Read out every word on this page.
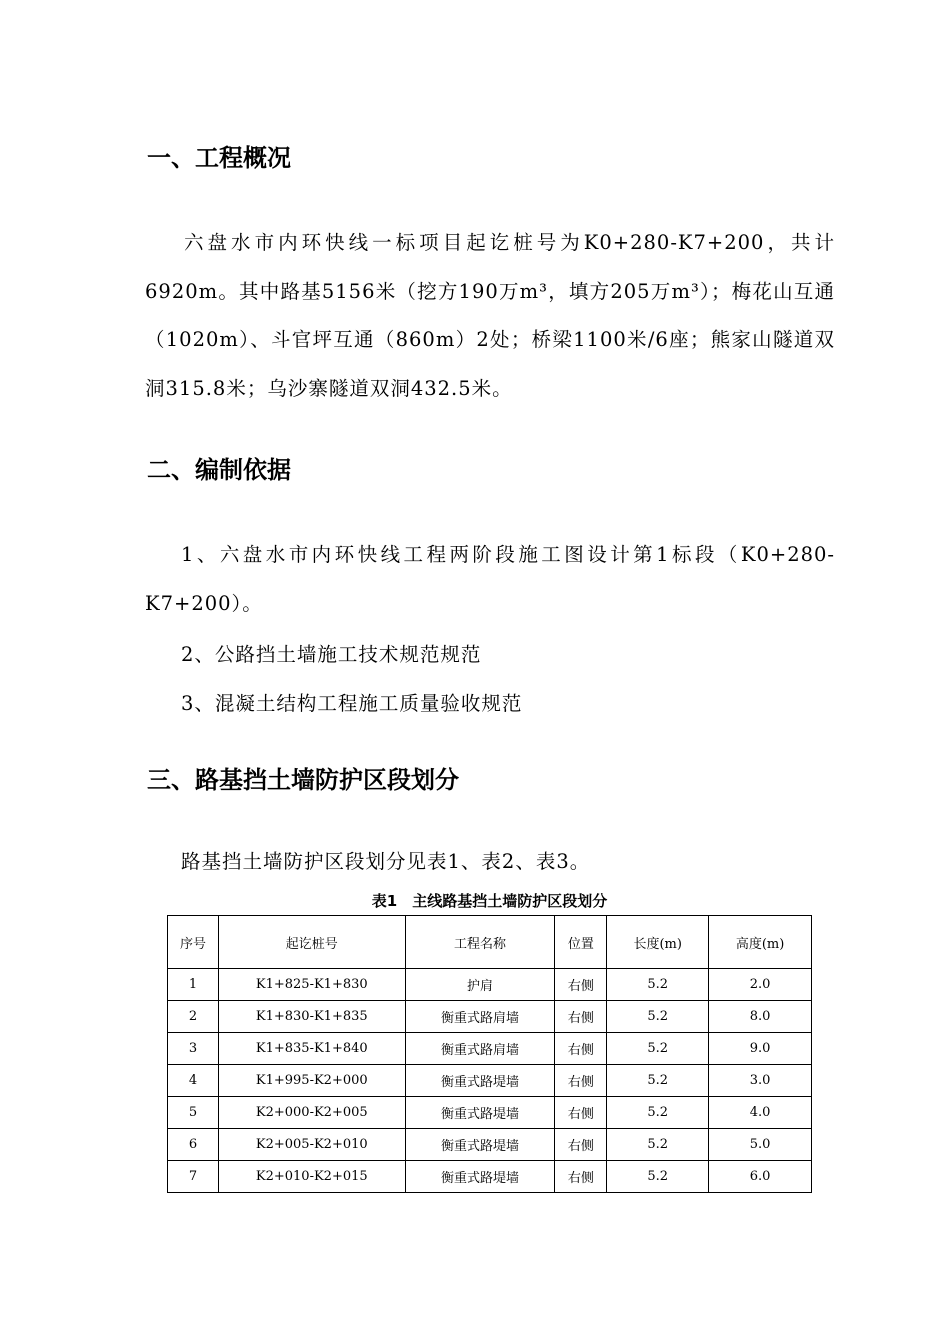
一、工程概况

六盘水市内环快线一标项目起讫桩号为K0+280-K7+200，共计6920m。其中路基5156米（挖方190万m³，填方205万m³）；梅花山互通（1020m）、斗官坪互通（860m）2处；桥梁1100米/6座；熊家山隧道双洞315.8米；乌沙寨隧道双洞432.5米。

二、编制依据

1、六盘水市内环快线工程两阶段施工图设计第1标段（K0+280-K7+200）。

2、公路挡土墙施工技术规范规范

3、混凝土结构工程施工质量验收规范

三、路基挡土墙防护区段划分

路基挡土墙防护区段划分见表1、表2、表3。

表1　主线路基挡土墙防护区段划分
序号	起讫桩号	工程名称	位置	长度(m)	高度(m)
1	K1+825-K1+830	护肩	右侧	5.2	2.0
2	K1+830-K1+835	衡重式路肩墙	右侧	5.2	8.0
3	K1+835-K1+840	衡重式路肩墙	右侧	5.2	9.0
4	K1+995-K2+000	衡重式路堤墙	右侧	5.2	3.0
5	K2+000-K2+005	衡重式路堤墙	右侧	5.2	4.0
6	K2+005-K2+010	衡重式路堤墙	右侧	5.2	5.0
7	K2+010-K2+015	衡重式路堤墙	右侧	5.2	6.0
